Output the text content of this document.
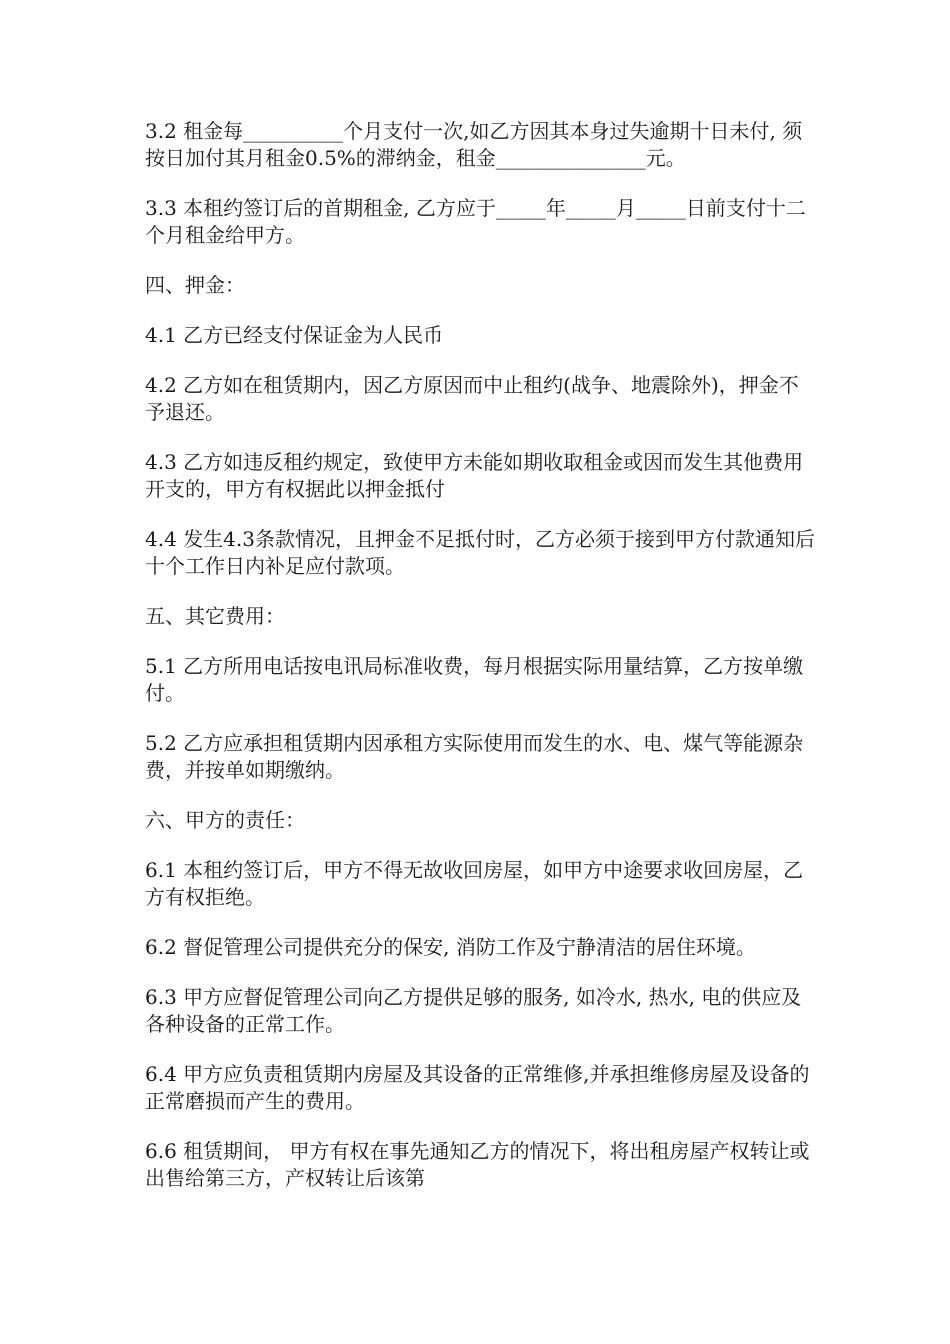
3.2 租金每__________个月支付一次,如乙方因其本身过失逾期十日未付, 须按日加付其月租金0.5%的滞纳金，租金_______________元。

3.3 本租约签订后的首期租金, 乙方应于_____年_____月_____日前支付十二个月租金给甲方。

四、押金：

4.1 乙方已经支付保证金为人民币

4.2 乙方如在租赁期内，因乙方原因而中止租约(战争、地震除外)，押金不予退还。

4.3 乙方如违反租约规定，致使甲方未能如期收取租金或因而发生其他费用开支的，甲方有权据此以押金抵付

4.4 发生4.3条款情况，且押金不足抵付时，乙方必须于接到甲方付款通知后十个工作日内补足应付款项。

五、其它费用：

5.1 乙方所用电话按电讯局标准收费，每月根据实际用量结算，乙方按单缴付。

5.2 乙方应承担租赁期内因承租方实际使用而发生的水、电、煤气等能源杂费，并按单如期缴纳。

六、甲方的责任：

6.1 本租约签订后，甲方不得无故收回房屋，如甲方中途要求收回房屋，乙方有权拒绝。

6.2 督促管理公司提供充分的保安, 消防工作及宁静清洁的居住环境。

6.3 甲方应督促管理公司向乙方提供足够的服务, 如冷水, 热水, 电的供应及各种设备的正常工作。

6.4 甲方应负责租赁期内房屋及其设备的正常维修,并承担维修房屋及设备的正常磨损而产生的费用。

6.6 租赁期间， 甲方有权在事先通知乙方的情况下，将出租房屋产权转让或出售给第三方，产权转让后该第
